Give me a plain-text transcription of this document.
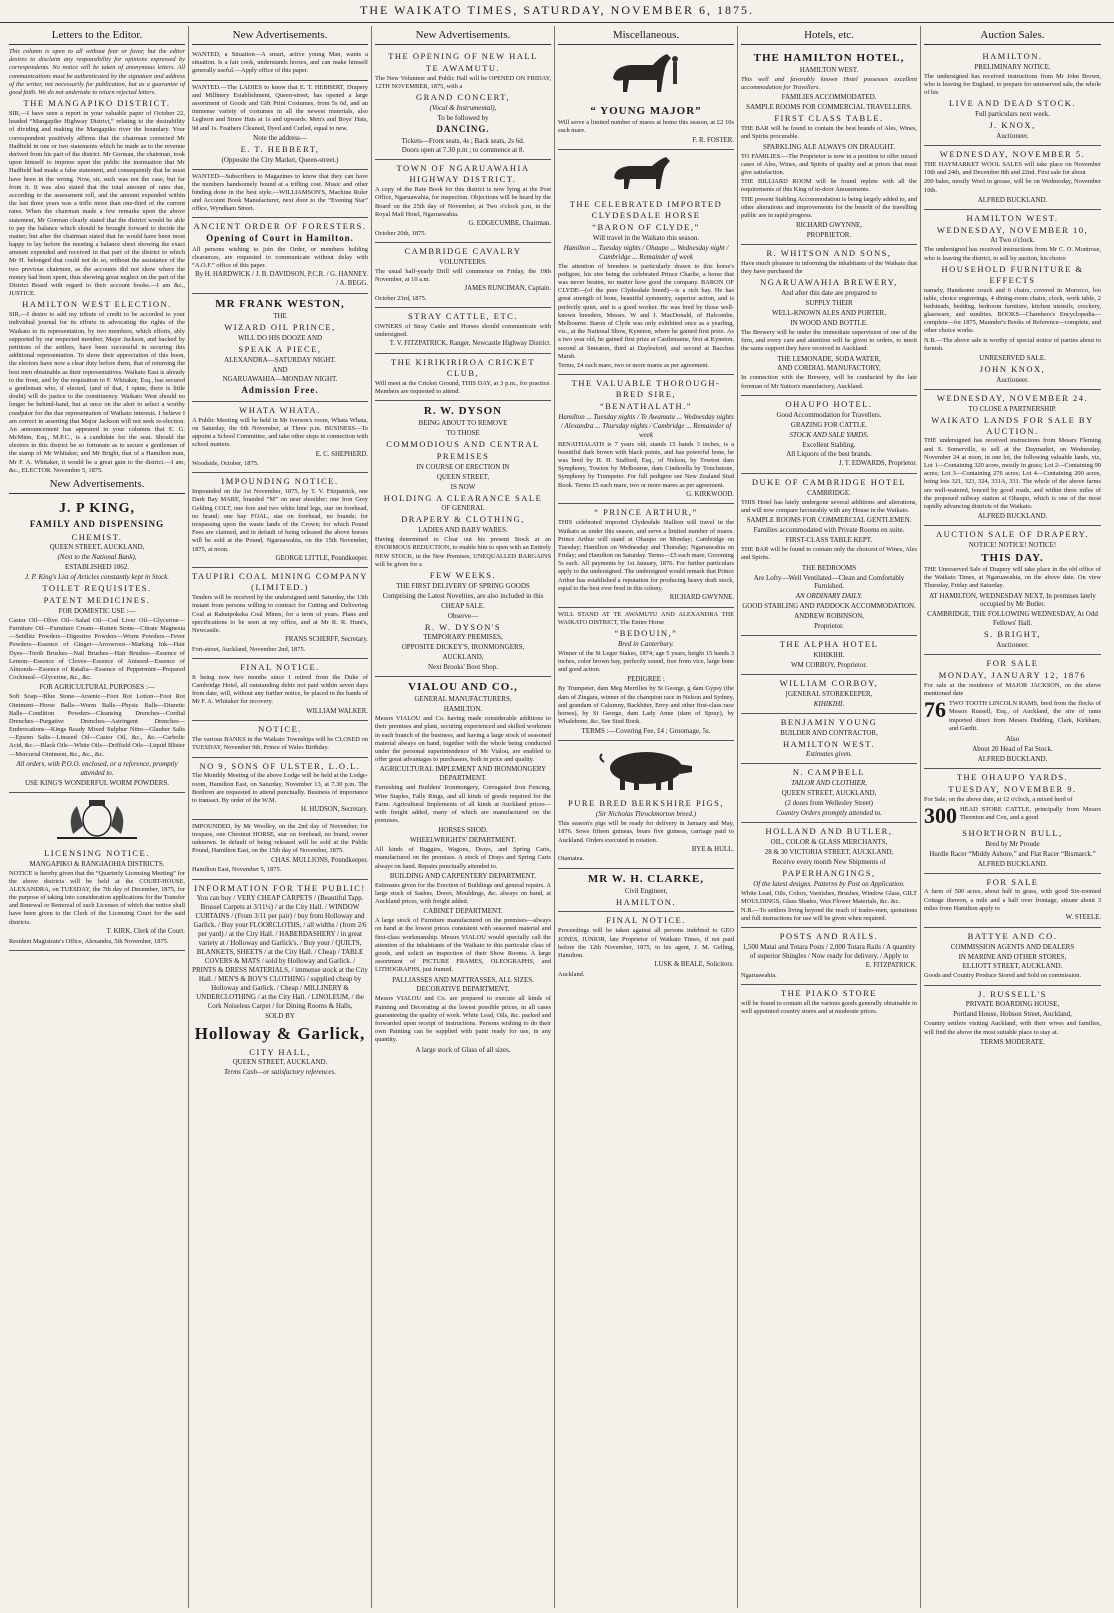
THE WAIKATO TIMES, SATURDAY, NOVEMBER 6, 1875.
Letters to the Editor.
This column is open to all without fear or favor, but the editor desires to disclaim any responsibility for opinions expressed by correspondents. No notice will be taken of anonymous letters. All communications must be authenticated by the signature and address of the writer, not necessarily for publication, but as a guarantee of good faith. We do not undertake to return rejected letters.
THE MANGAPIKO DISTRICT.
SIR,—I have seen a report in your valuable paper of October 22, headed “Mangapiko Highway District,” relating to the desirability of dividing and making the Mangapiko river the boundary. Your correspondent positively affirms that the chairman corrected Mr Hadfield in one or two statements which he made as to the revenue derived from his part of the district. Mr Gorman, the chairman, took upon himself to impress upon the public the insinuation that Mr Hadfield had made a false statement, and consequently that he must have been in the wrong. Now, sir, such was not the case, but far from it. It was also stated that the total amount of rates due, according to the assessment roll, and the amount expended within the last three years was a trifle more than one-third of the current rates. When the chairman made a few remarks upon the above statement, Mr Gorman clearly stated that the district would be able to pay the balance which should be brought forward to decide the matter; but after the chairman stated that he would have been most happy to lay before the meeting a balance sheet showing the exact amount expended and received in that part of the district to which Mr H. belonged that could not do so, without the assistance of the two previous chairmen, as the accounts did not show where the money had been spent, thus showing great neglect on the part of the District Board with regard to their account books.—I am &c., JUSTICE.
HAMILTON WEST ELECTION.
SIR,—I desire to add my tribute of credit to be accorded to your individual journal for its efforts in advocating the rights of the Waikato to its representation, by two members, which efforts, ably supported by our respected member, Major Jackson, and backed by petitions of the settlers, have been successful in securing this additional representation. To show their appreciation of this boon, the electors have now a clear duty before them, that of returning the best men obtainable as their representatives. Waikato East is already to the front, and by the requisition to F. Whitaker, Esq., has secured a gentleman who, if elected, (and of that, I opine, there is little doubt) will do justice to the constituency. Waikato West should no longer be behind-hand, but at once on the alert to select a worthy coadjutor for the due representation of Waikato interests. I believe I am correct in asserting that Major Jackson will not seek re-election. An announcement has appeared in your columns that E. G. McMinn, Esq., M.P.C., is a candidate for the seat. Should the electors in this district be so fortunate as to secure a gentleman of the stamp of Mr Whitaker, and Mr Bright, that of a Hamilton man, Mr F. A. Whitaker, it would be a great gain to the district.—I am, &c., ELECTOR. November 5, 1875.
New Advertisements.
J. P KING,
FAMILY AND DISPENSING
CHEMIST.
QUEEN STREET, AUCKLAND,
(Next to the National Bank),
ESTABLISHED 1862.
J. P. King's List of Articles constantly kept in Stock.
TOILET REQUISITES.
PATENT MEDICINES.
FOR DOMESTIC USE :—
Castor Oil—Olive Oil—Salad Oil—Cod Liver Oil—Glycerine—Furniture Oil—Furniture Cream—Rotten Stone—Citrate Magnesia—Seidlitz Powders—Digestive Powders—Worm Powders—Fever Powders—Essence of Ginger—Arrowroot—Marking Ink—Hair Dyes—Tooth Brushes—Nail Brushes—Hair Brushes—Essence of Lemon—Essence of Cloves—Essence of Aniseed—Essence of Almonds—Essence of Ratafia—Essence of Peppermint—Prepared Cochineal—Glycerine, &c., &c.
FOR AGRICULTURAL PURPOSES :—
Soft Soap—Blue Stone—Arsenic—Foot Rot Lotion—Foot Rot Ointment—Horse Balls—Worm Balls—Physic Balls—Diuretic Balls—Condition Powders—Cleansing Drenches—Cordial Drenches—Purgative Drenches—Astringent Drenches—Embrocations—Kings Ready Mixed Sulphur Nitre—Glauber Salts—Epsom Salts—Linseed Oil—Castor Oil, &c., &c.—Carbolic Acid, &c.—Black Oils—White Oils—Driffield Oils—Liquid Blister—Mercurial Ointment, &c., &c., &c.
All orders, with P.O.O. enclosed, or a reference, promptly attended to.
USE KING'S WONDERFUL WORM POWDERS.
LICENSING NOTICE.
MANGAPIKO & RANGIAOHIA DISTRICTS.
NOTICE is hereby given that the “Quarterly Licensing Meeting” for the above districts will be held at the COURT-HOUSE, ALEXANDRA, on TUESDAY, the 7th day of December, 1875, for the purpose of taking into consideration applications for the Transfer and Renewal or Removal of such Licenses of which due notice shall have been given to the Clerk of the Licensing Court for the said districts.
T. KIRK, Clerk of the Court.
Resident Magistrate's Office, Alexandra, 5th November, 1875.
New Advertisements.
WANTED, a Situation—A smart, active young Man, wants a situation. Is a fair cook, understands horses, and can make himself generally useful.—Apply office of this paper.
WANTED.—The LADIES to know that E. T. HEBBERT, Drapery and Millinery Establishment, Queen-street, has opened a large assortment of Goods and Gift Print Costumes, from 5s 6d, and an immense variety of costumes in all the newest materials, also Leghorn and Straw Hats at 1s and upwards. Men's and Boys' Hats, 9d and 1s. Feathers Cleaned, Dyed and Curled, equal to new.
Note the address—
E. T. HEBBERT,
(Opposite the City Market, Queen-street.)
WANTED—Subscribers to Magazines to know that they can have the numbers handsomely bound at a trifling cost. Music and other binding done in the best style.—WILLIAMSON'S, Machine Ruler and Account Book Manufacturer, next door to the “Evening Star” office, Wyndham Street.
ANCIENT ORDER OF FORESTERS.
Opening of Court in Hamilton.
All persons wishing to join the Order, or members holding clearances, are requested to communicate without delay with “A.O.F.” office of this paper.
By H. HARDWICK / J. B. DAVIDSON, P.C.R. / G. HANNEY. / A. BEGG.
MR FRANK WESTON,
THE
WIZARD OIL PRINCE,
WILL DO HIS DOOZE AND
SPEAK A PIECE,
ALEXANDRA—SATURDAY NIGHT.
AND
NGARUAWAHIA—MONDAY NIGHT.
Admission Free.
WHATA WHATA.
A Public Meeting will be held in Mr Iverson's room, Whata Whata, on Saturday, the 6th November, at Three p.m. BUSINESS—To appoint a School Committee, and take other steps in connection with school matters.
E. C. SHEPHERD.
Woodside, October, 1875.
IMPOUNDING NOTICE.
Impounded on the 1st November, 1875, by T. V. Fitzpatrick, one Dark Bay MARE, branded “M” on near shoulder; one Iron Grey Gelding COLT, one fore and two white hind legs, star on forehead, no brand; one bay FOAL, star on forehead, no brands; for trespassing upon the waste lands of the Crown; for which Pound Fees are claimed, and in default of being released the above horses will be sold at the Pound, Ngaruawahia, on the 15th November, 1875, at noon.
GEORGE LITTLE, Poundkeeper.
TAUPIRI COAL MINING COMPANY (LIMITED.)
Tenders will be received by the undersigned until Saturday, the 13th instant from persons willing to contract for Cutting and Delivering Coal at Rahuipokeka Coal Mines, for a term of years. Plans and specifications to be seen at my office, and at Mr R. R. Hunt's, Newcastle.
FRANS SCHERFF, Secretary.
Fort-street, Auckland, November 2nd, 1875.
FINAL NOTICE.
It being now two months since I retired from the Duke of Cambridge Hotel, all outstanding debts not paid within seven days from date, will, without any further notice, be placed in the hands of Mr F. A. Whitaker for recovery.
WILLIAM WALKER.
NOTICE.
The various BANKS in the Waikato Townships will be CLOSED on TUESDAY, November 9th, Prince of Wales Birthday.
NO 9, SONS OF ULSTER, L.O.L.
The Monthly Meeting of the above Lodge will be held at the Lodge-room, Hamilton East, on Saturday, November 13, at 7.30 p.m. The Brethren are requested to attend punctually. Business of importance to transact. By order of the W.M.
H. HUDSON, Secretary.
IMPOUNDED, by Mr Woolley, on the 2nd day of November, for trespass, one Chestnut HORSE, star on forehead, no brand, owner unknown. In default of being released will be sold at the Public Pound, Hamilton East, on the 15th day of November, 1875.
CHAS. MULLIONS, Poundkeeper.
Hamilton East, November 5, 1875.
INFORMATION FOR THE PUBLIC!
You can buy / VERY CHEAP CARPETS / (Beautiful Tapp. Brussel Carpets at 3/11½) / at the City Hall. / WINDOW CURTAINS / (From 3/11 per pair) / buy from Holloway and Garlick. / Buy your FLOORCLOTHS, / all widths / (from 2/6 per yard) / at the City Hall. / HABERDASHERY / in great variety at / Holloway and Garlick's. / Buy your / QUILTS, BLANKETS, SHEETS / at the City Hall. / Cheap / TABLE COVERS & MATS / sold by Holloway and Garlick. / PRINTS & DRESS MATERIALS, / immense stock at the City Hall. / MEN'S & BOY'S CLOTHING / supplied cheap by Holloway and Garlick. / Cheap / MILLINERY & UNDERCLOTHING / at the City Hall. / LINOLEUM, / the Cork Noiseless Carpet / for Dining Rooms & Halls,
SOLD BY
Holloway & Garlick,
CITY HALL,
QUEEN STREET, AUCKLAND.
Terms Cash—or satisfactory references.
New Advertisements.
THE OPENING OF NEW HALL
TE AWAMUTU.
The New Volunteer and Public Hall will be OPENED ON FRIDAY, 12TH NOVEMBER, 1875, with a
GRAND CONCERT,
(Vocal & Instrumental),
To be followed by
DANCING.
Tickets—Front seats, 4s ; Back seats, 2s 6d.
Doors open at 7.30 p.m ; to commence at 8.
TOWN OF NGARUAWAHIA HIGHWAY DISTRICT.
A copy of the Rate Book for this district is now lying at the Post Office, Ngaruawahia, for inspection. Objections will be heard by the Board on the 25th day of November, at Two o'clock p.m, in the Royal Mail Hotel, Ngaruawahia.
G. EDGECUMBE, Chairman.
October 20th, 1875.
CAMBRIDGE CAVALRY
VOLUNTEERS.
The usual half-yearly Drill will commence on Friday, the 19th November, at 10 a.m.
JAMES RUNCIMAN, Captain.
October 23rd, 1875.
STRAY CATTLE, ETC.
OWNERS of Stray Cattle and Horses should communicate with undersigned.
T. V. FITZPATRICK, Ranger, Newcastle Highway District.
THE KIRIKIRIROA CRICKET CLUB,
Will meet at the Cricket Ground, THIS DAY, at 3 p.m., for practice. Members are requested to attend.
R. W. DYSON
BEING ABOUT TO REMOVE
TO THOSE
COMMODIOUS AND CENTRAL
PREMISES
IN COURSE OF ERECTION IN
QUEEN STREET,
IS NOW
HOLDING A CLEARANCE SALE
OF GENERAL
DRAPERY & CLOTHING,
LADIES AND BABY WARES.
Having determined to Clear out his present Stock at an ENORMOUS REDUCTION, to enable him to open with an Entirely NEW STOCK, in the New Premises, UNEQUALLED BARGAINS will be given for a
FEW WEEKS.
THE FIRST DELIVERY OF SPRING GOODS
Comprising the Latest Novelties, are also included in this
CHEAP SALE.
Observe—
R. W. DYSON'S
TEMPORARY PREMISES,
OPPOSITE DICKEY'S, IRONMONGERS,
AUCKLAND,
Next Brooks' Boot Shop.
VIALOU AND CO.,
GENERAL MANUFACTURERS,
HAMILTON.
Messrs VIALOU and Co. having made considerable additions to their premises and plant, securing experienced and skilled workmen in each branch of the business, and having a large stock of seasoned material always on hand, together with the whole being conducted under the personal superintendence of Mr Vialou, are enabled to offer great advantages to purchasers, both in price and quality.
AGRICULTURAL IMPLEMENT AND IRONMONGERY DEPARTMENT.
Furnishing and Builders' Ironmongery, Corrugated Iron Fencing, Wire Staples, Fally Rings, and all kinds of goods required for the Farm. Agricultural Implements of all kinds at Auckland prices—with freight added, many of which are manufactured on the premises.
HORSES SHOD.
WHEELWRIGHTS' DEPARTMENT.
All kinds of Buggies, Wagons, Drays, and Spring Carts, manufactured on the premises. A stock of Drays and Spring Carts always on hand. Repairs punctually attended to.
BUILDING AND CARPENTERY DEPARTMENT.
Estimates given for the Erection of Buildings and general repairs. A large stock of Sashes, Doors, Mouldings, &c. always on hand, at Auckland prices, with freight added.
CABINET DEPARTMENT.
A large stock of Furniture manufactured on the premises—always on hand at the lowest prices consistent with seasoned material and first-class workmanship. Messrs VIALOU would specially call the attention of the inhabitants of the Waikato to this particular class of goods, and solicit an inspection of their Show Rooms. A large assortment of PICTURE FRAMES, OLEOGRAPHS, and LITHOGRAPHS, just framed.
PALLIASSES AND MATTRASSES, ALL SIZES.
DECORATIVE DEPARTMENT.
Messrs VIALOU and Co. are prepared to execute all kinds of Painting and Decorating at the lowest possible prices, in all cases guaranteeing the quality of work. White Lead, Oils, &c. packed and forwarded upon receipt of instructions. Persons wishing to do their own Painting can be supplied with paint ready for use, in any quantity.
A large stock of Glass of all sizes.
Miscellaneous.
“ YOUNG MAJOR”
Will serve a limited number of mares at home this season, at £2 10s each mare.
F. R. FOSTER.
THE CELEBRATED IMPORTED CLYDESDALE HORSE
“BARON OF CLYDE,”
Will travel in the Waikato this season.
Hamilton ... Tuesday nights / Ohaupo ... Wednesday night / Cambridge ... Remainder of week
The attention of breeders is particularly drawn to this horse's pedigree, his sire being the celebrated Prince Charlie, a horse that was never beaten, no matter how good the company. BARON OF CLYDE—(of the pure Clydesdale breed)—is a rich bay. He has great strength of bone, beautiful symmetry, superior action, and is perfectly quiet, and is a good worker. He was bred by those well-known breeders, Messrs. W and J. MacDonald, of Halcombe, Melbourne. Baron of Clyde was only exhibited once as a yearling, viz., at the National Show, Kyneton, where he gained first prize. As a two year old, he gained first prize at Castlemaine, first at Kyneton, second at Smeaton, third at Daylesford, and second at Bacchus Marsh.
Terms, £4 each mare, two or more mares as per agreement.
THE VALUABLE THOROUGH-BRED SIRE,
“BENATHALATH.”
Hamilton ... Tuesday nights / Te Awamutu ... Wednesday nights / Alexandra ... Thursday nights / Cambridge ... Remainder of week
BENATHALATH is 7 years old, stands 15 hands 3 inches, is a beautiful dark brown with black points, and has powerful bone, he was bred by H. H. Stafford, Esq., of Nelson, by Towton dam Symphony, Towton by Melbourne, dam Cinderella by Touchstone, Symphony by Trumpeter. For full pedigree see New Zealand Stud Book. Terms £5 each mare, two or more mares as per agreement.
G. KIRKWOOD.
“ PRINCE ARTHUR,”
THIS celebrated imported Clydesdale Stallion will travel in the Waikato as under this season, and serve a limited number of mares. Prince Arthur will stand at Ohaupo on Monday; Cambridge on Tuesday; Hamilton on Wednesday and Thursday; Ngaruawahia on Friday; and Hamilton on Saturday. Terms—£5 each mare; Grooming 5s each. All payments by 1st January, 1876. For further particulars apply to the undersigned. The undersigned would remark that Prince Arthur has established a reputation for producing heavy draft stock, equal to the best ever bred in this colony.
RICHARD GWYNNE.
WILL STAND AT TE AWAMUTU AND ALEXANDRA THE WAIKATO DISTRICT, The Entire Horse
“BEDOUIN,”
Bred in Canterbury.
Winner of the St Leger Stakes, 1874; age 5 years, height 15 hands 3 inches, color brown bay, perfectly sound, free from vice, large bone and good action.
PEDIGREE :
By Trumpeter, dam Meg Merrilies by St George, g dam Gypsy (the dam of Zingara, winner of the champion race in Nelson and Sydney, and grandam of Calumny, Backbiter, Envy and other first-class race horses), by St George, dam Lady Anne (dam of Spray), by Whalebone, &c. See Stud Book.
TERMS :—Covering Fee, £4 ; Groomage, 5s.
PURE BRED BERKSHIRE PIGS,
(Sir Nicholas Throckmorton breed.)
This season's pigs will be ready for delivery in January and May, 1876. Sows fifteen guineas, boars five guineas, carriage paid to Auckland. Orders executed in rotation.
BYE & HULL.
Otamatea.
MR W. H. CLARKE,
Civil Engineer,
HAMILTON.
FINAL NOTICE.
Proceedings will be taken against all persons indebted to GEO JONES, JUNIOR, late Proprietor of Waikato Times, if not paid before the 12th November, 1875, to his agent, J. M. Gelling, Hamilton.
LUSK & BEALE, Solicitors.
Auckland.
Hotels, etc.
THE HAMILTON HOTEL,
HAMILTON WEST.
This well and favorably known Hotel possesses excellent accommodation for Travellers.
FAMILIES ACCOMMODATED.
SAMPLE ROOMS FOR COMMERCIAL TRAVELLERS.
FIRST CLASS TABLE.
THE BAR will be found to contain the best brands of Ales, Wines, and Spirits procurable.
SPARKLING ALE ALWAYS ON DRAUGHT.
TO FAMILIES.—The Proprietor is now in a position to offer mixed cases of Ales, Wines, and Spirits of quality and at prices that must give satisfaction.
THE BILLIARD ROOM will be found replete with all the requirements of this King of in-door Amusements.
THE present Stabling Accommodation is being largely added to, and other alterations and improvements for the benefit of the travelling public are in rapid progress.
RICHARD GWYNNE,
PROPRIETOR.
R. WHITSON AND SONS,
Have much pleasure in informing the inhabitants of the Waikato that they have purchased the
NGARUAWAHIA BREWERY,
And after this date are prepared to
SUPPLY THEIR
WELL-KNOWN ALES AND PORTER,
IN WOOD AND BOTTLE.
The Brewery will be under the immediate supervision of one of the firm, and every care and attention will be given to orders, to merit the same support they have received in Auckland.
THE LEMONADE, SODA WATER,
AND CORDIAL MANUFACTORY,
In connection with the Brewery, will be conducted by the late foreman of Mr Sutton's manufactory, Auckland.
OHAUPO HOTEL.
Good Accommodation for Travellers.
GRAZING FOR CATTLE.
STOCK AND SALE YARDS.
Excellent Stabling.
All Liquors of the best brands.
J. T. EDWARDS, Proprietor.
DUKE OF CAMBRIDGE HOTEL
CAMBRIDGE.
THIS Hotel has lately undergone several additions and alterations, and will now compare favourably with any House in the Waikato.
SAMPLE ROOMS FOR COMMERCIAL GENTLEMEN.
Families accommodated with Private Rooms en suite.
FIRST-CLASS TABLE KEPT.
THE BAR will be found to contain only the choicest of Wines, Ales and Spirits.
THE BEDROOMS
Are Lofty—Well Ventilated—Clean and Comfortably Furnished.
AN ORDINARY DAILY.
GOOD STABLING AND PADDOCK ACCOMMODATION.
ANDREW ROBINSON,
Proprietor.
THE ALPHA HOTEL
KIHIKIHI.
WM CORBOY, Proprietor.
WILLIAM CORBOY,
[GENERAL STOREKEEPER,
KIHIKIHI.
BENJAMIN YOUNG
BUILDER AND CONTRACTOR,
HAMILTON WEST.
Estimates given.
N. CAMPBELL
TAILOR AND CLOTHIER,
QUEEN STREET, AUCKLAND,
(2 doors from Wellesley Street)
Country Orders promptly attended to.
HOLLAND AND BUTLER,
OIL, COLOR & GLASS MERCHANTS,
28 & 30 VICTORIA STREET, AUCKLAND,
Receive every month New Shipments of
PAPERHANGINGS,
Of the latest designs. Patterns by Post on Application.
White Lead, Oils, Colors, Varnishes, Brushes, Window Glass, GILT MOULDINGS, Glass Shades, Wax Flower Materials, &c. &c.
N.B.—To settlers living beyond the reach of trades-men, quotations and full instructions for use will be given when required.
POSTS AND RAILS.
1,500 Matai and Totara Posts / 2,000 Totara Rails / A quantity of superior Shingles / Now ready for delivery. / Apply to
E. FITZPATRICK.
Ngaruawahia.
THE PIAKO STORE
will be found to contain all the various goods generally obtainable in well appointed country stores and at moderate prices.
Auction Sales.
HAMILTON.
PRELIMINARY NOTICE.
The undersigned has received instructions from Mr John Brown, who is leaving for England, to prepare for unreserved sale, the whole of his
LIVE AND DEAD STOCK.
Full particulars next week.
J. KNOX,
Auctioneer.
WEDNESDAY, NOVEMBER 5.
THE HAYMARKET WOOL SALES will take place on November 10th and 24th, and December 8th and 22nd. First sale for about
200 bales, mostly Wool in grease, will be on Wednesday, November 10th.
ALFRED BUCKLAND.
HAMILTON WEST.
WEDNESDAY, NOVEMBER 10,
At Two o'clock.
The undersigned has received instructions from Mr C. O. Montrose, who is leaving the district, to sell by auction, his choice
HOUSEHOLD FURNITURE & EFFECTS
namely, Handsome couch and 6 chairs, covered in Morocco, loo table, choice engravings, 4 dining-room chairs, clock, work table, 2 bedsteads, bedding, bedroom furniture, kitchen utensils, crockery, glassware, and sundries. BOOKS—Chambers's Encyclopedia—complete—for 1875, Maunder's Books of Reference—complete, and other choice works.
N.B.—The above sale is worthy of special notice of parties about to furnish.
UNRESERVED SALE.
JOHN KNOX,
Auctioneer.
WEDNESDAY, NOVEMBER 24.
TO CLOSE A PARTNERSHIP.
WAIKATO LANDS FOR SALE BY AUCTION.
THE undersigned has received instructions from Messrs Fleming and S. Somerville, to sell at the Daymarket, on Wednesday, November 24 at noon, in one lot, the following valuable lands, viz, Lot 1—Containing 320 acres, mostly in grass; Lot 2—Containing 90 acres; Lot 3—Containing 276 acres; Lot 4—Containing 200 acres, being lots 321, 323, 324, 331A, 331. The whole of the above farms are well-watered, fenced by good roads, and within three miles of the proposed railway station at Ohaupo, which is one of the most rapidly advancing districts of the Waikato.
ALFRED BUCKLAND.
AUCTION SALE OF DRAPERY.
NOTICE! NOTICE! NOTICE!
THIS DAY.
THE Unreserved Sale of Drapery will take place in the old office of the Waikato Times, at Ngaruawahia, on the above date. On view Thursday, Friday and Saturday.
AT HAMILTON, WEDNESDAY NEXT, In premises lately occupied by Mr Butler.
CAMBRIDGE, THE FOLLOWING WEDNESDAY, At Odd Fellows' Hall.
S. BRIGHT,
Auctioneer.
FOR SALE
MONDAY, JANUARY 12, 1876
For sale at the residence of MAJOR JACKSON, on the above mentioned date
76 TWO TOOTH LINCOLN RAMS, bred from the flocks of Messrs Russell, Esq., of Auckland, the sire of rams imported direct from Messrs Dudding, Clark, Kirkham, and Gardit.
Also
About 20 Head of Fat Stock.
ALFRED BUCKLAND.
THE OHAUPO YARDS.
TUESDAY, NOVEMBER 9.
For Sale, on the above date, at 12 o'clock, a mixed herd of
300 HEAD STORE CATTLE, principally from Messrs Thornton and Cox, and a good
SHORTHORN BULL,
Bred by Mr Proude
Hurdle Racer “Middy Ashore,” and Flat Racer “Bismarck.”
ALFRED BUCKLAND.
FOR SALE
A farm of 500 acres, about half in grass, with good Six-roomed Cottage thereon, a mile and a half over frontage, situate about 3 miles from Hamilton apply to
W. STEELE.
BATTYE AND CO.
COMMISSION AGENTS AND DEALERS
IN MARINE AND OTHER STORES,
ELLIOTT STREET, AUCKLAND.
Goods and Country Produce Stored and Sold on commission.
J. RUSSELL'S
PRIVATE BOARDING HOUSE,
Portland House, Hobson Street, Auckland,
Country settlers visiting Auckland, with their wives and families, will find the above the most suitable place to stay at.
TERMS MODERATE.
